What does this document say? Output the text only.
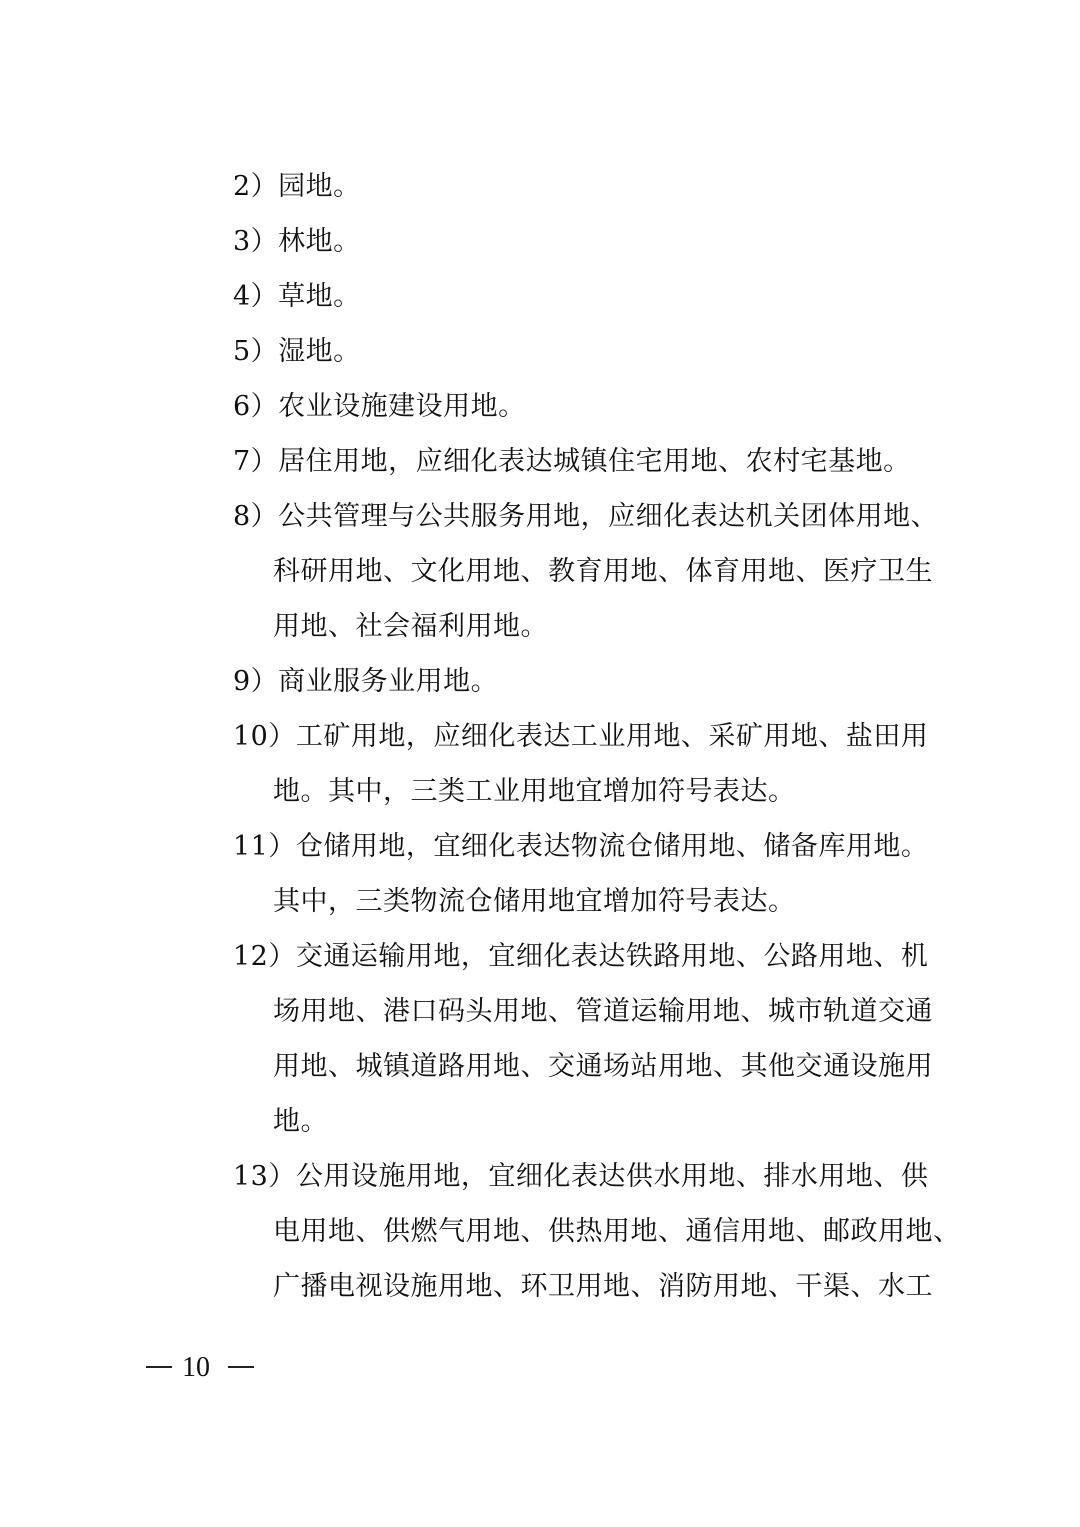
2）园地。
3）林地。
4）草地。
5）湿地。
6）农业设施建设用地。
7）居住用地，应细化表达城镇住宅用地、农村宅基地。
8）公共管理与公共服务用地，应细化表达机关团体用地、
科研用地、文化用地、教育用地、体育用地、医疗卫生
用地、社会福利用地。
9）商业服务业用地。
10）工矿用地，应细化表达工业用地、采矿用地、盐田用
地。其中，三类工业用地宜增加符号表达。
11）仓储用地，宜细化表达物流仓储用地、储备库用地。
其中，三类物流仓储用地宜增加符号表达。
12）交通运输用地，宜细化表达铁路用地、公路用地、机
场用地、港口码头用地、管道运输用地、城市轨道交通
用地、城镇道路用地、交通场站用地、其他交通设施用
地。
13）公用设施用地，宜细化表达供水用地、排水用地、供
电用地、供燃气用地、供热用地、通信用地、邮政用地、
广播电视设施用地、环卫用地、消防用地、干渠、水工
10
